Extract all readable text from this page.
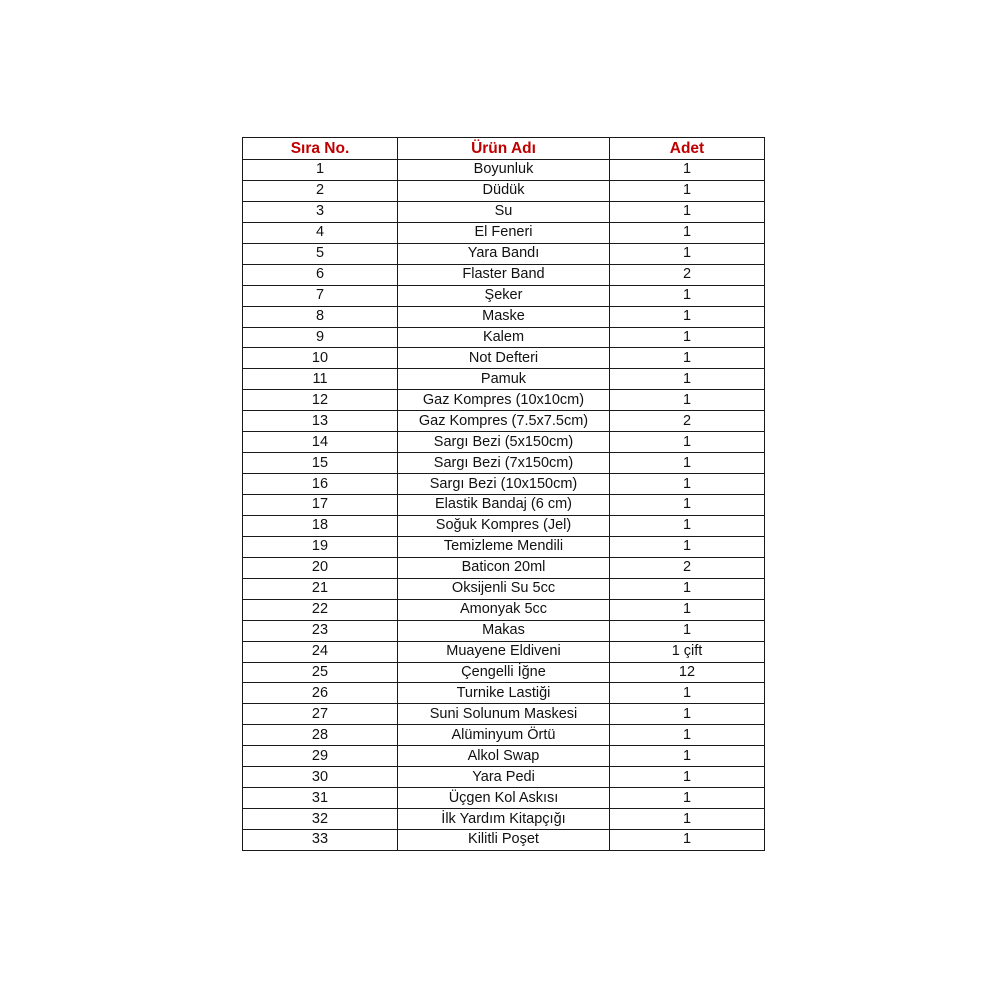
Sıra No.	Ürün Adı	Adet
1	Boyunluk	1
2	Düdük	1
3	Su	1
4	El Feneri	1
5	Yara Bandı	1
6	Flaster Band	2
7	Şeker	1
8	Maske	1
9	Kalem	1
10	Not Defteri	1
11	Pamuk	1
12	Gaz Kompres (10x10cm)	1
13	Gaz Kompres (7.5x7.5cm)	2
14	Sargı Bezi (5x150cm)	1
15	Sargı Bezi (7x150cm)	1
16	Sargı Bezi (10x150cm)	1
17	Elastik Bandaj (6 cm)	1
18	Soğuk Kompres (Jel)	1
19	Temizleme Mendili	1
20	Baticon 20ml	2
21	Oksijenli Su 5cc	1
22	Amonyak 5cc	1
23	Makas	1
24	Muayene Eldiveni	1 çift
25	Çengelli İğne	12
26	Turnike Lastiği	1
27	Suni Solunum Maskesi	1
28	Alüminyum Örtü	1
29	Alkol Swap	1
30	Yara Pedi	1
31	Üçgen Kol Askısı	1
32	İlk Yardım Kitapçığı	1
33	Kilitli Poşet	1
